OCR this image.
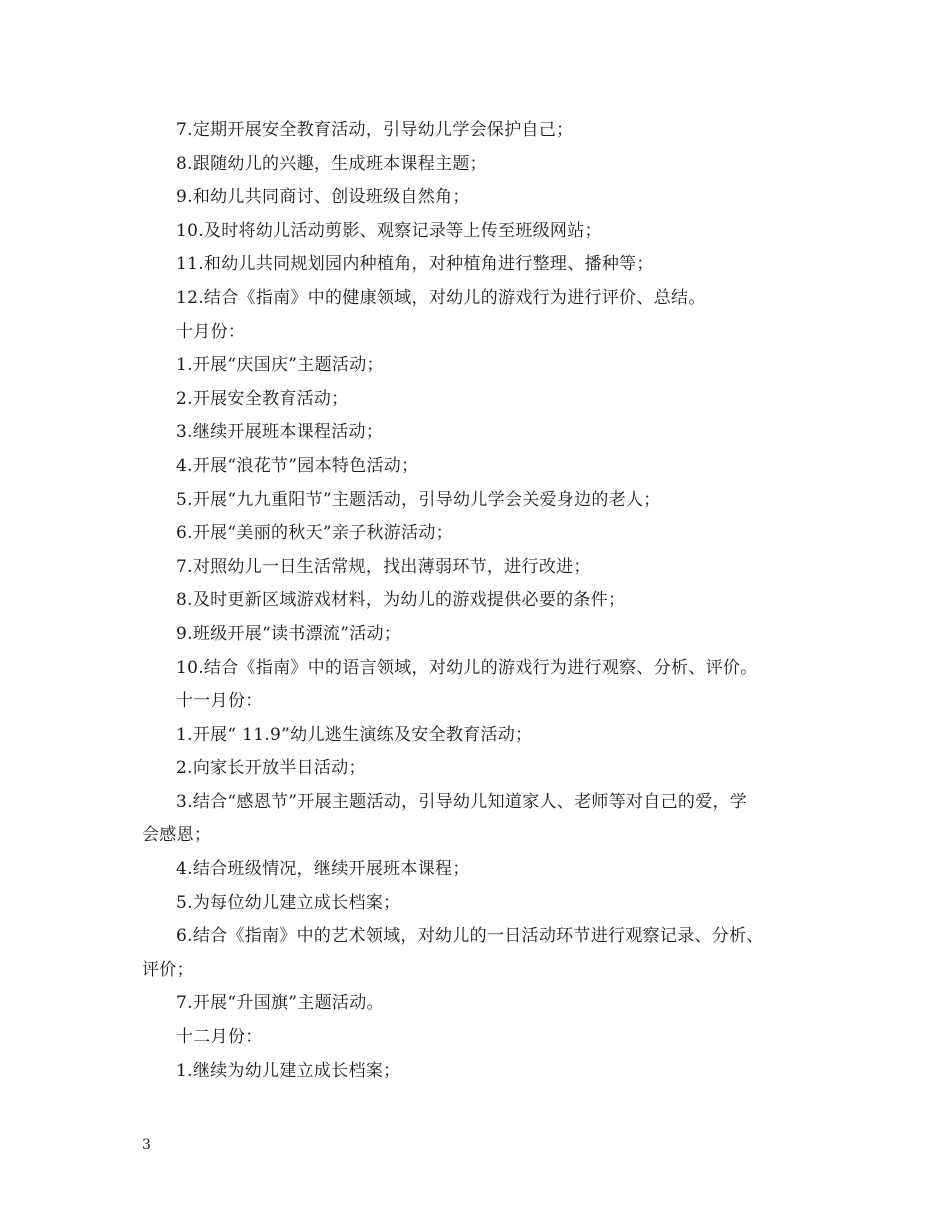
7.定期开展安全教育活动，引导幼儿学会保护自己；
8.跟随幼儿的兴趣，生成班本课程主题；
9.和幼儿共同商讨、创设班级自然角；
10.及时将幼儿活动剪影、观察记录等上传至班级网站；
11.和幼儿共同规划园内种植角，对种植角进行整理、播种等；
12.结合《指南》中的健康领域，对幼儿的游戏行为进行评价、总结。
十月份：
1.开展“庆国庆”主题活动；
2.开展安全教育活动；
3.继续开展班本课程活动；
4.开展“浪花节”园本特色活动；
5.开展“九九重阳节”主题活动，引导幼儿学会关爱身边的老人；
6.开展“美丽的秋天”亲子秋游活动；
7.对照幼儿一日生活常规，找出薄弱环节，进行改进；
8.及时更新区域游戏材料，为幼儿的游戏提供必要的条件；
9.班级开展“读书漂流”活动；
10.结合《指南》中的语言领域，对幼儿的游戏行为进行观察、分析、评价。
十一月份：
1.开展“ 11.9”幼儿逃生演练及安全教育活动；
2.向家长开放半日活动；
3.结合“感恩节”开展主题活动，引导幼儿知道家人、老师等对自己的爱，学
会感恩；
4.结合班级情况，继续开展班本课程；
5.为每位幼儿建立成长档案；
6.结合《指南》中的艺术领域，对幼儿的一日活动环节进行观察记录、分析、
评价；
7.开展“升国旗”主题活动。
十二月份：
1.继续为幼儿建立成长档案；
3
